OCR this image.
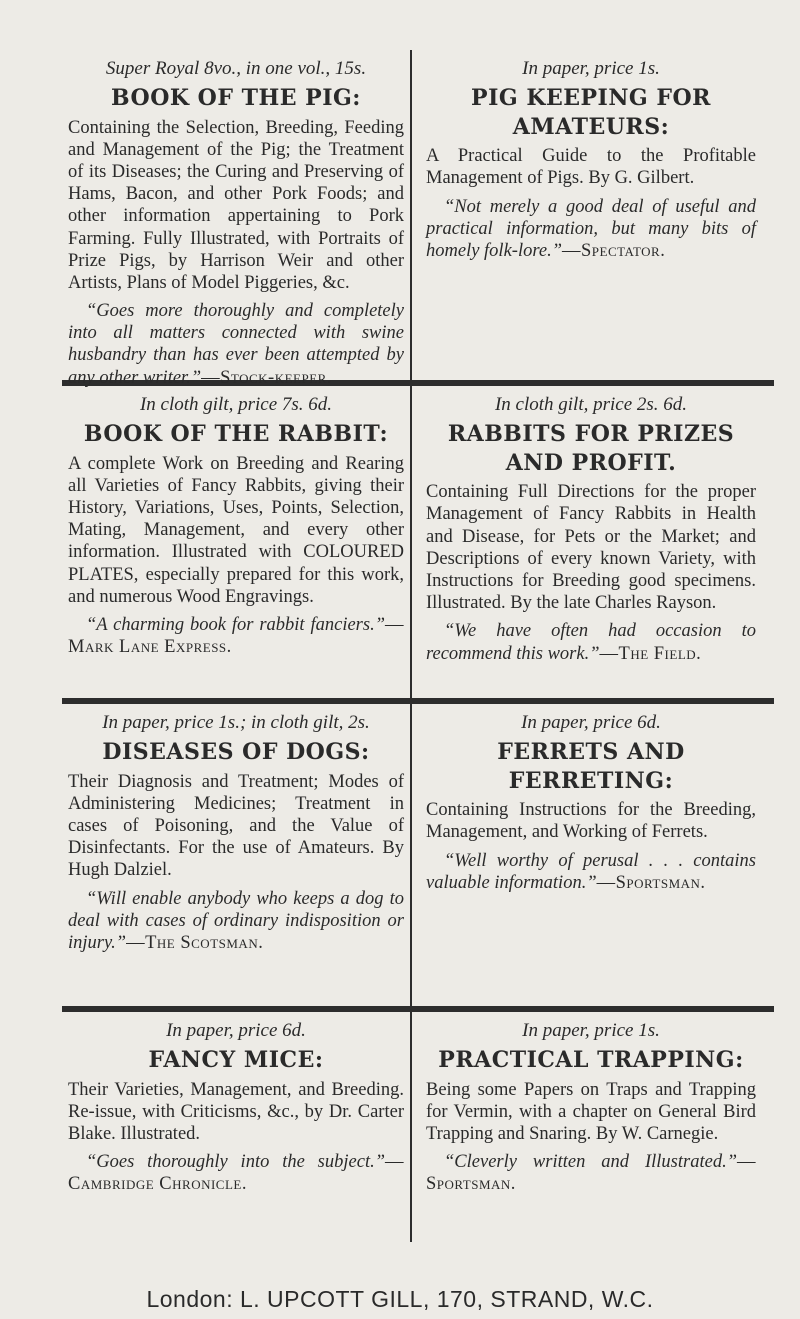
Super Royal 8vo., in one vol., 15s.
BOOK OF THE PIG:

Containing the Selection, Breeding, Feeding and Management of the Pig; the Treatment of its Diseases; the Curing and Preserving of Hams, Bacon, and other Pork Foods; and other information appertaining to Pork Farming. Fully Illustrated, with Portraits of Prize Pigs, by Harrison Weir and other Artists, Plans of Model Piggeries, &c.

“Goes more thoroughly and completely into all matters connected with swine husbandry than has ever been attempted by any other writer.”—Stock-keeper.

In paper, price 1s.
PIG KEEPING FOR AMATEURS:

A Practical Guide to the Profitable Management of Pigs. By G. Gilbert.

“Not merely a good deal of useful and practical information, but many bits of homely folk-lore.”—Spectator.

In cloth gilt, price 7s. 6d.
BOOK OF THE RABBIT:

A complete Work on Breeding and Rearing all Varieties of Fancy Rabbits, giving their History, Variations, Uses, Points, Selection, Mating, Management, and every other information. Illustrated with COLOURED PLATES, especially prepared for this work, and numerous Wood Engravings.

“A charming book for rabbit fanciers.”—Mark Lane Express.

In cloth gilt, price 2s. 6d.
RABBITS FOR PRIZES AND PROFIT.

Containing Full Directions for the proper Management of Fancy Rabbits in Health and Disease, for Pets or the Market; and Descriptions of every known Variety, with Instructions for Breeding good specimens. Illustrated. By the late Charles Rayson.

“We have often had occasion to recommend this work.”—The Field.

In paper, price 1s.; in cloth gilt, 2s.
DISEASES OF DOGS:

Their Diagnosis and Treatment; Modes of Administering Medicines; Treatment in cases of Poisoning, and the Value of Disinfectants. For the use of Amateurs. By Hugh Dalziel.

“Will enable anybody who keeps a dog to deal with cases of ordinary indisposition or injury.”—The Scotsman.

In paper, price 6d.
FERRETS AND FERRETING:

Containing Instructions for the Breeding, Management, and Working of Ferrets.

“Well worthy of perusal . . . contains valuable information.”—Sportsman.

In paper, price 6d.
FANCY MICE:

Their Varieties, Management, and Breeding. Re-issue, with Criticisms, &c., by Dr. Carter Blake. Illustrated.

“Goes thoroughly into the subject.”—Cambridge Chronicle.

In paper, price 1s.
PRACTICAL TRAPPING:

Being some Papers on Traps and Trapping for Vermin, with a chapter on General Bird Trapping and Snaring. By W. Carnegie.

“Cleverly written and Illustrated.”—Sportsman.

London: L. UPCOTT GILL, 170, STRAND, W.C.
